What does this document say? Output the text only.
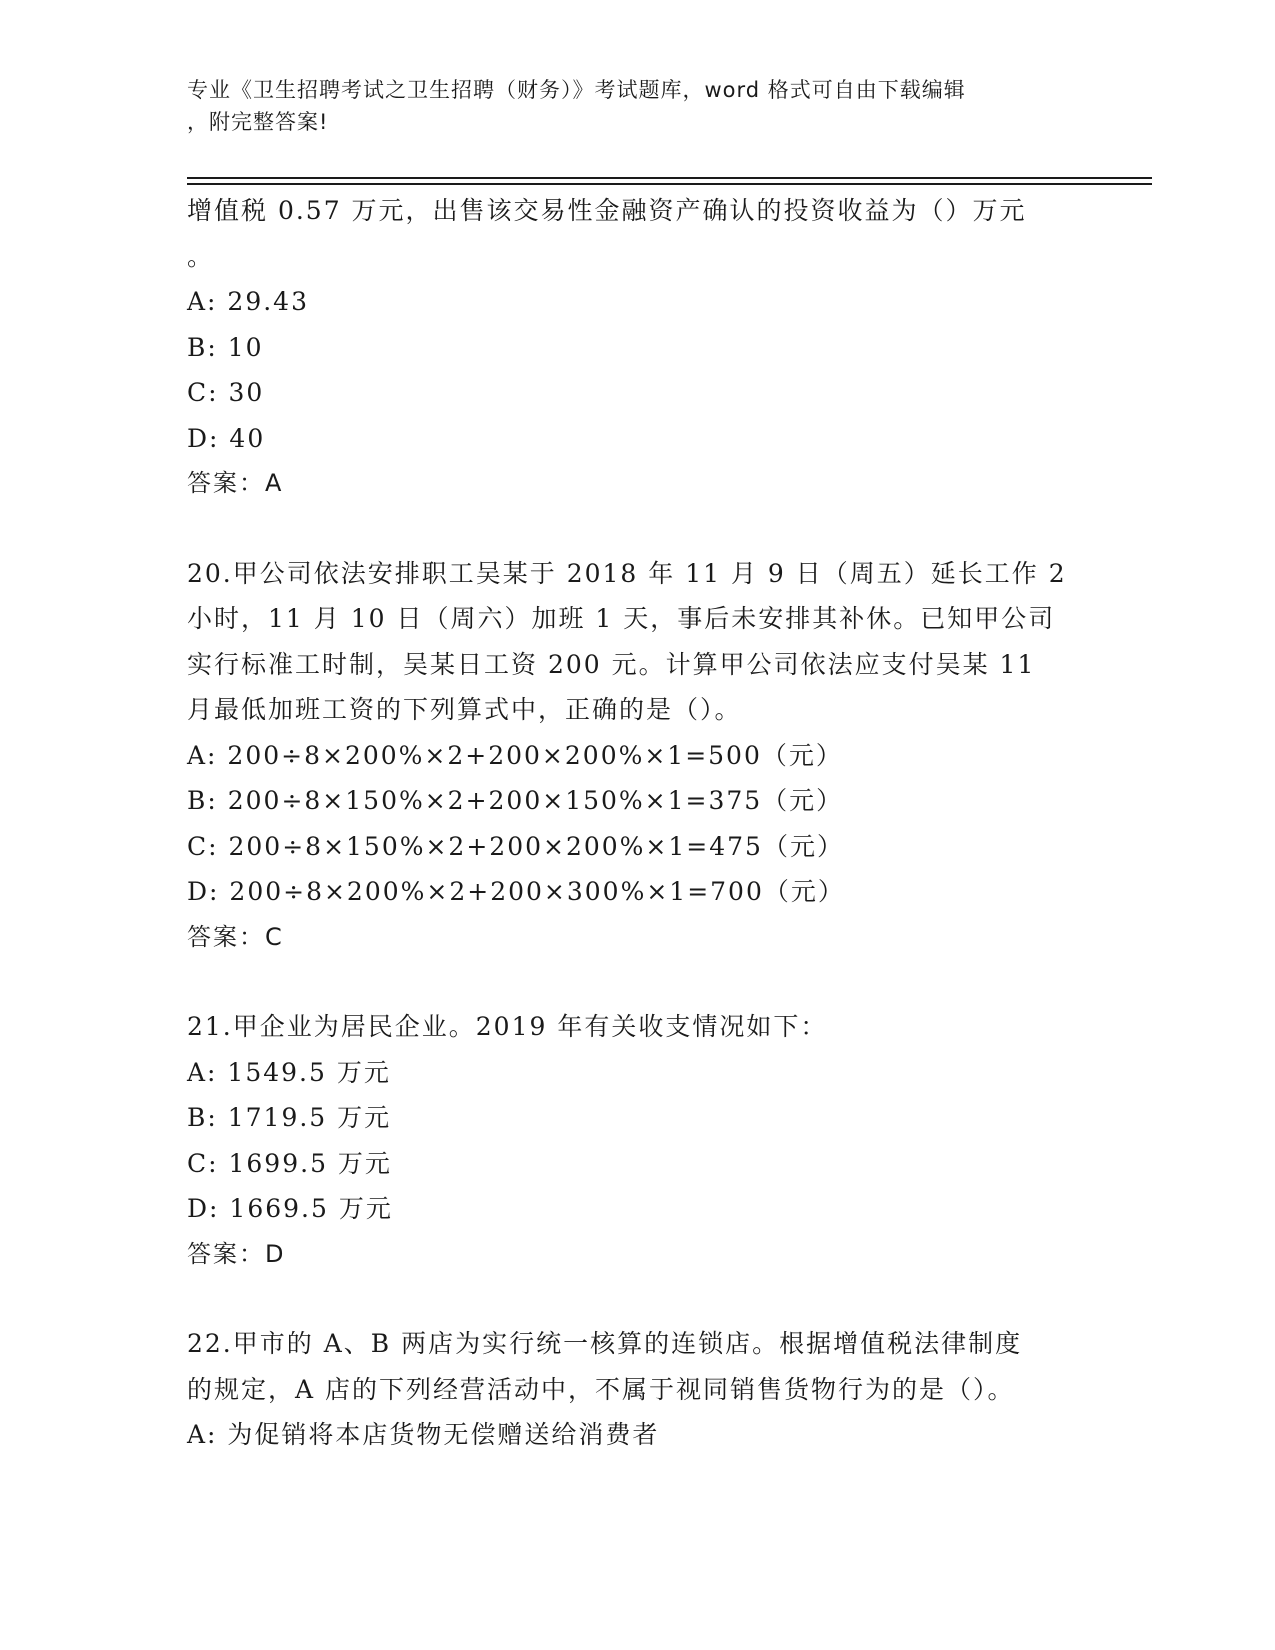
专业《卫生招聘考试之卫生招聘（财务）》考试题库，word 格式可自由下载编辑
，附完整答案!
增值税 0.57 万元，出售该交易性金融资产确认的投资收益为（）万元
。
A: 29.43
B: 10
C: 30
D: 40
答案：A
20.甲公司依法安排职工吴某于 2018 年 11 月 9 日（周五）延长工作 2
小时，11 月 10 日（周六）加班 1 天，事后未安排其补休。已知甲公司
实行标准工时制，吴某日工资 200 元。计算甲公司依法应支付吴某 11
月最低加班工资的下列算式中，正确的是（）。
A: 200÷8×200%×2+200×200%×1=500（元）
B: 200÷8×150%×2+200×150%×1=375（元）
C: 200÷8×150%×2+200×200%×1=475（元）
D: 200÷8×200%×2+200×300%×1=700（元）
答案：C
21.甲企业为居民企业。2019 年有关收支情况如下：
A: 1549.5 万元
B: 1719.5 万元
C: 1699.5 万元
D: 1669.5 万元
答案：D
22.甲市的 A、B 两店为实行统一核算的连锁店。根据增值税法律制度
的规定，A 店的下列经营活动中，不属于视同销售货物行为的是（）。
A: 为促销将本店货物无偿赠送给消费者
